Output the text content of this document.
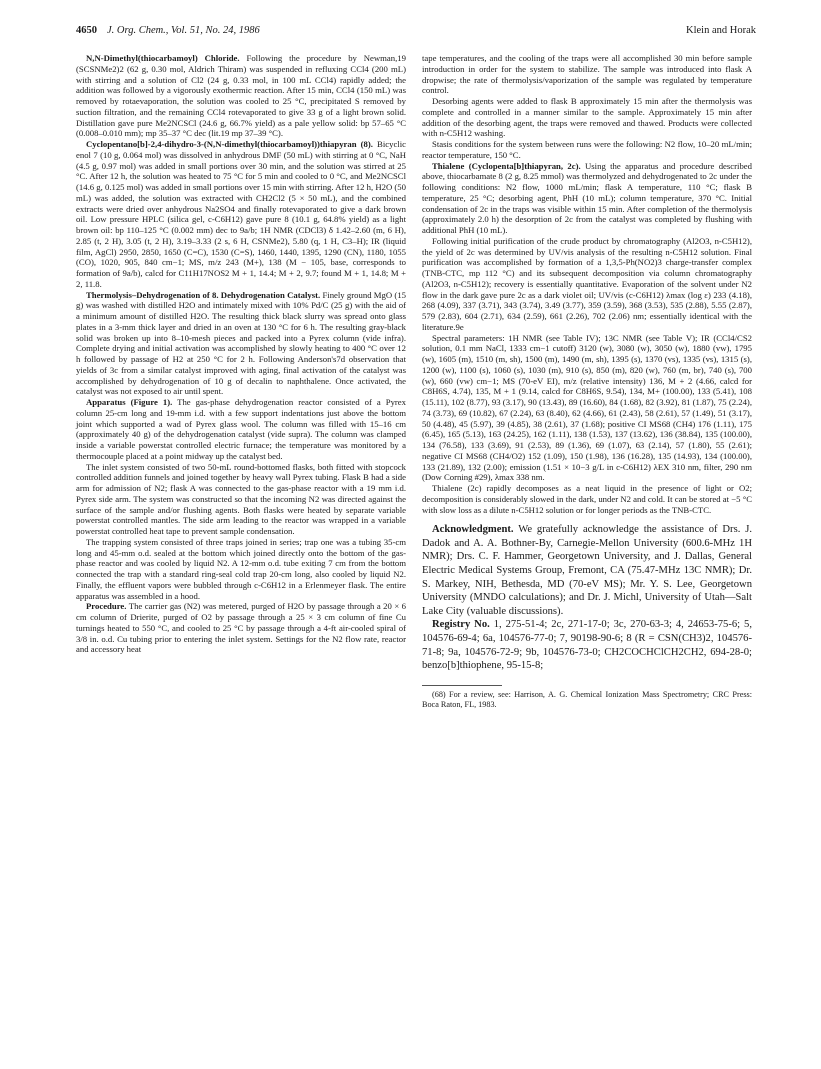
4650 J. Org. Chem., Vol. 51, No. 24, 1986	Klein and Horak

N,N-Dimethyl(thiocarbamoyl) Chloride. Following the procedure by Newman,19 (SCSNMe2)2 (62 g, 0.30 mol, Aldrich Thiram) was suspended in refluxing CCl4 (200 mL) with stirring and a solution of Cl2 (24 g, 0.33 mol, in 100 mL CCl4) rapidly added; the addition was followed by a vigorously exothermic reaction. After 15 min, CCl4 (150 mL) was removed by rotaevaporation, the solution was cooled to 25 °C, precipitated S removed by suction filtration, and the remaining CCl4 rotevaporated to give 33 g of a light brown solid. Distillation gave pure Me2NCSCl (24.6 g, 66.7% yield) as a pale yellow solid: bp 57–65 °C (0.008–0.010 mm); mp 35–37 °C dec (lit.19 mp 37–39 °C).

Cyclopentano[b]-2,4-dihydro-3-(N,N-dimethyl(thiocarbamoyl))thiapyran (8). Bicyclic enol 7 (10 g, 0.064 mol) was dissolved in anhydrous DMF (50 mL) with stirring at 0 °C, NaH (4.5 g, 0.97 mol) was added in small portions over 30 min, and the solution was stirred at 25 °C. After 12 h, the solution was heated to 75 °C for 5 min and cooled to 0 °C, and Me2NCSCl (14.6 g, 0.125 mol) was added in small portions over 15 min with stirring. After 12 h, H2O (50 mL) was added, the solution was extracted with CH2Cl2 (5 × 50 mL), and the combined extracts were dried over anhydrous Na2SO4 and finally rotevaporated to give a dark brown oil. Low pressure HPLC (silica gel, c-C6H12) gave pure 8 (10.1 g, 64.8% yield) as a light brown oil: bp 110–125 °C (0.002 mm) dec to 9a/b; 1H NMR (CDCl3) δ 1.42–2.60 (m, 6 H), 2.85 (t, 2 H), 3.05 (t, 2 H), 3.19–3.33 (2 s, 6 H, CSNMe2), 5.80 (q, 1 H, C3–H); IR (liquid film, AgCl) 2950, 2850, 1650 (C=C), 1530 (C=S), 1460, 1440, 1395, 1290 (CN), 1180, 1055 (CO), 1020, 905, 840 cm−1; MS, m/z 243 (M+), 138 (M − 105, base, corresponds to formation of 9a/b), calcd for C11H17NOS2 M + 1, 14.4; M + 2, 9.7; found M + 1, 14.8; M + 2, 11.8.

Thermolysis–Dehydrogenation of 8. Dehydrogenation Catalyst. Finely ground MgO (15 g) was washed with distilled H2O and intimately mixed with 10% Pd/C (25 g) with the aid of a minimum amount of distilled H2O. The resulting thick black slurry was spread onto glass plates in a 3-mm thick layer and dried in an oven at 130 °C for 6 h. The resulting gray-black solid was broken up into 8–10-mesh pieces and packed into a Pyrex column (vide infra). Complete drying and initial activation was accomplished by slowly heating to 400 °C over 12 h followed by passage of H2 at 250 °C for 2 h. Following Anderson's7d observation that yields of 3c from a similar catalyst improved with aging, final activation of the catalyst was accomplished by dehydrogenation of 10 g of decalin to naphthalene. Once activated, the catalyst was not exposed to air until spent.

Apparatus (Figure 1). The gas-phase dehydrogenation reactor consisted of a Pyrex column 25-cm long and 19-mm i.d. with a few support indentations just above the bottom joint which supported a wad of Pyrex glass wool. The column was filled with 15–16 cm (approximately 40 g) of the dehydrogenation catalyst (vide supra). The column was clamped inside a variable powerstat controlled electric furnace; the temperature was monitored by a thermocouple placed at a point midway up the catalyst bed.

The inlet system consisted of two 50-mL round-bottomed flasks, both fitted with stopcock controlled addition funnels and joined together by heavy wall Pyrex tubing. Flask B had a side arm for admission of N2; flask A was connected to the gas-phase reactor with a 19 mm i.d. Pyrex side arm. The system was constructed so that the incoming N2 was directed against the surface of the sample and/or flushing agents. Both flasks were heated by separate variable powerstat controlled mantles. The side arm leading to the reactor was wrapped in a variable powerstat controlled heat tape to prevent sample condensation.

The trapping system consisted of three traps joined in series; trap one was a tubing 35-cm long and 45-mm o.d. sealed at the bottom which joined directly onto the bottom of the gas-phase reactor and was cooled by liquid N2. A 12-mm o.d. tube exiting 7 cm from the bottom connected the trap with a standard ring-seal cold trap 20-cm long, also cooled by liquid N2. Finally, the effluent vapors were bubbled through c-C6H12 in a Erlenmeyer flask. The entire apparatus was assembled in a hood.

Procedure. The carrier gas (N2) was metered, purged of H2O by passage through a 20 × 6 cm column of Drierite, purged of O2 by passage through a 25 × 3 cm column of fine Cu turnings heated to 550 °C, and cooled to 25 °C by passage through a 4-ft air-cooled spiral of 3/8 in. o.d. Cu tubing prior to entering the inlet system. Settings for the N2 flow rate, reactor and accessory heat

tape temperatures, and the cooling of the traps were all accomplished 30 min before sample introduction in order for the system to stabilize. The sample was introduced into flask A dropwise; the rate of thermolysis/vaporization of the sample was regulated by temperature control.

Desorbing agents were added to flask B approximately 15 min after the thermolysis was complete and controlled in a manner similar to the sample. Approximately 15 min after addition of the desorbing agent, the traps were removed and thawed. Products were collected with n-C5H12 washing.

Stasis conditions for the system between runs were the following: N2 flow, 10–20 mL/min; reactor temperature, 150 °C.

Thialene (Cyclopenta[b]thiapyran, 2c). Using the apparatus and procedure described above, thiocarbamate 8 (2 g, 8.25 mmol) was thermolyzed and dehydrogenated to 2c under the following conditions: N2 flow, 1000 mL/min; flask A temperature, 110 °C; flask B temperature, 25 °C; desorbing agent, PhH (10 mL); column temperature, 370 °C. Initial condensation of 2c in the traps was visible within 15 min. After completion of the thermolysis (approximately 2.0 h) the desorption of 2c from the catalyst was completed by flushing with additional PhH (10 mL).

Following initial purification of the crude product by chromatography (Al2O3, n-C5H12), the yield of 2c was determined by UV/vis analysis of the resulting n-C5H12 solution. Final purification was accomplished by formation of a 1,3,5-Ph(NO2)3 charge-transfer complex (TNB-CTC, mp 112 °C) and its subsequent decomposition via column chromatography (Al2O3, n-C5H12); recovery is essentially quantitative. Evaporation of the solvent under N2 flow in the dark gave pure 2c as a dark violet oil; UV/vis (c-C6H12) λmax (log ε) 233 (4.18), 268 (4.09), 337 (3.71), 343 (3.74), 3.49 (3.77), 359 (3.59), 368 (3.53), 535 (2.88), 5.55 (2.87), 579 (2.83), 604 (2.71), 634 (2.59), 661 (2.26), 702 (2.06) nm; essentially identical with the literature.9e

Spectral parameters: 1H NMR (see Table IV); 13C NMR (see Table V); IR (CCl4/CS2 solution, 0.1 mm NaCl, 1333 cm−1 cutoff) 3120 (w), 3080 (w), 3050 (w), 1880 (vw), 1795 (w), 1605 (m), 1510 (m, sh), 1500 (m), 1490 (m, sh), 1395 (s), 1370 (vs), 1335 (vs), 1315 (s), 1200 (w), 1100 (s), 1060 (s), 1030 (m), 910 (s), 850 (m), 820 (w), 760 (m, br), 740 (s), 700 (w), 660 (vw) cm−1; MS (70-eV EI), m/z (relative intensity) 136, M + 2 (4.66, calcd for C8H6S, 4.74), 135, M + 1 (9.14, calcd for C8H6S, 9.54), 134, M+ (100.00), 133 (5.41), 108 (15.11), 102 (8.77), 93 (3.17), 90 (13.43), 89 (16.60), 84 (1.68), 82 (3.92), 81 (1.87), 75 (2.24), 74 (3.73), 69 (10.82), 67 (2.24), 63 (8.40), 62 (4.66), 61 (2.43), 58 (2.61), 57 (1.49), 51 (3.17), 50 (4.48), 45 (5.97), 39 (4.85), 38 (2.61), 37 (1.68); positive CI MS68 (CH4) 176 (1.11), 175 (6.45), 165 (5.13), 163 (24.25), 162 (1.11), 138 (1.53), 137 (13.62), 136 (38.84), 135 (100.00), 134 (76.58), 133 (3.69), 91 (2.53), 89 (1.36), 69 (1.07), 63 (2.14), 57 (1.80), 55 (2.61); negative CI MS68 (CH4/O2) 152 (1.09), 150 (1.98), 136 (16.28), 135 (14.93), 134 (100.00), 133 (21.89), 132 (2.00); emission (1.51 × 10−3 g/L in c-C6H12) λEX 310 nm, filter, 290 nm (Dow Corning #29), λmax 338 nm.

Thialene (2c) rapidly decomposes as a neat liquid in the presence of light or O2; decomposition is considerably slowed in the dark, under N2 and cold. It can be stored at −5 °C with slow loss as a dilute n-C5H12 solution or for longer periods as the TNB-CTC.

Acknowledgment. We gratefully acknowledge the assistance of Drs. J. Dadok and A. A. Bothner-By, Carnegie-Mellon University (600.6-MHz 1H NMR); Drs. C. F. Hammer, Georgetown University, and J. Dallas, General Electric Medical Systems Group, Fremont, CA (75.47-MHz 13C NMR); Dr. S. Markey, NIH, Bethesda, MD (70-eV MS); Mr. Y. S. Lee, Georgetown University (MNDO calculations); and Dr. J. Michl, University of Utah—Salt Lake City (valuable discussions).

Registry No. 1, 275-51-4; 2c, 271-17-0; 3c, 270-63-3; 4, 24653-75-6; 5, 104576-69-4; 6a, 104576-77-0; 7, 90198-90-6; 8 (R = CSN(CH3)2, 104576-71-8; 9a, 104576-72-9; 9b, 104576-73-0; CH2COCHClCH2CH2, 694-28-0; benzo[b]thiophene, 95-15-8;

(68) For a review, see: Harrison, A. G. Chemical Ionization Mass Spectrometry; CRC Press: Boca Raton, FL, 1983.
